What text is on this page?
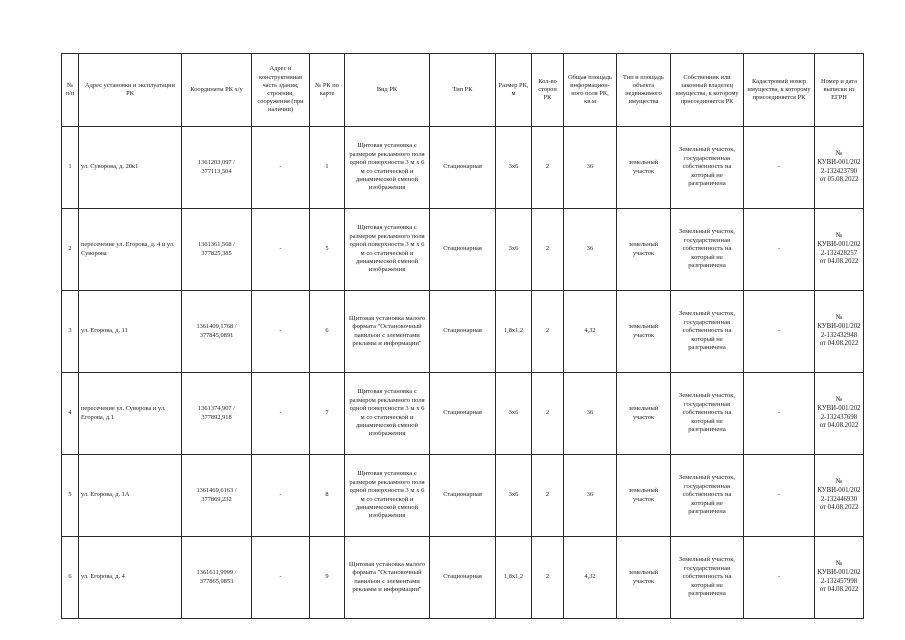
№ п/п	Адрес установки и эксплуатации РК	Координаты РК х/у	Адрес и конструктивная часть здания, строения, сооружения (при наличии)	№ РК по карте	Вид РК	Тип РК	Размер РК, м	Кол-во сторон РК	Общая площадь информацион-ного поля РК, кв.м	Тип и площадь объекта недвижимого имущества	Собственник или законный владелец имущества, к которому присоединяется РК	Кадастровый номер имущества, к которому присоединяется РК	Номер и дата выписки из ЕГРН
1	ул. Суворова, д. 20к1	1361203,097 / 377113,504	-	1	Щитовая установка с размером рекламного поля одной поверхности 3 м х 6 м со статической и динамической сменой изображения	Стационарная	3х6	2	36	земельный участок	Земельный участок, государственная собственность на который не разграничена	-	№ КУВИ-001/2022-132423790 от 05.08.2022
2	пересечение ул. Егорова, д. 4 и ул. Суворова	1361361,568 / 377825,385	-	5	Щитовая установка с размером рекламного поля одной поверхности 3 м х 6 м со статической и динамической сменой изображения	Стационарная	3х6	2	36	земельный участок	Земельный участок, государственная собственность на который не разграничена	-	№ КУВИ-001/2022-132428257 от 04.08.2022
3	ул. Егорова, д. 11	1361409,1768 / 377845,0891	-	6	Щитовая установка малого формата "Остановочный павильон с элементами рекламы и информации"	Стационарная	1,8х1,2	2	4,32	земельный участок	Земельный участок, государственная собственность на который не разграничена	-	№ КУВИ-001/2022-132432948 от 04.08.2022
4	пересечение ул. Суворова и ул. Егорова, д.1	1361374,907 / 377892,918	-	7	Щитовая установка с размером рекламного поля одной поверхности 3 м х 6 м со статической и динамической сменой изображения	Стационарная	3х6	2	36	земельный участок	Земельный участок, государственная собственность на который не разграничена	-	№ КУВИ-001/2022-132437698 от 04.08.2022
5	ул. Егорова, д. 1А	1361469,6163 / 377869,232	-	8	Щитовая установка с размером рекламного поля одной поверхности 3 м х 6 м со статической и динамической сменой изображения	Стационарная	3х6	2	36	земельный участок	Земельный участок, государственная собственность на который не разграничена	-	№ КУВИ-001/2022-132446930 от 04.08.2022
6	ул. Егорова, д. 4	1361611,9999 / 377865,9853	-	9	Щитовая установка малого формата "Остановочный павильон с элементами рекламы и информации"	Стационарная	1,8х1,2	2	4,32	земельный участок	Земельный участок, государственная собственность на который не разграничена	-	№ КУВИ-001/2022-132457998 от 04.08.2022
